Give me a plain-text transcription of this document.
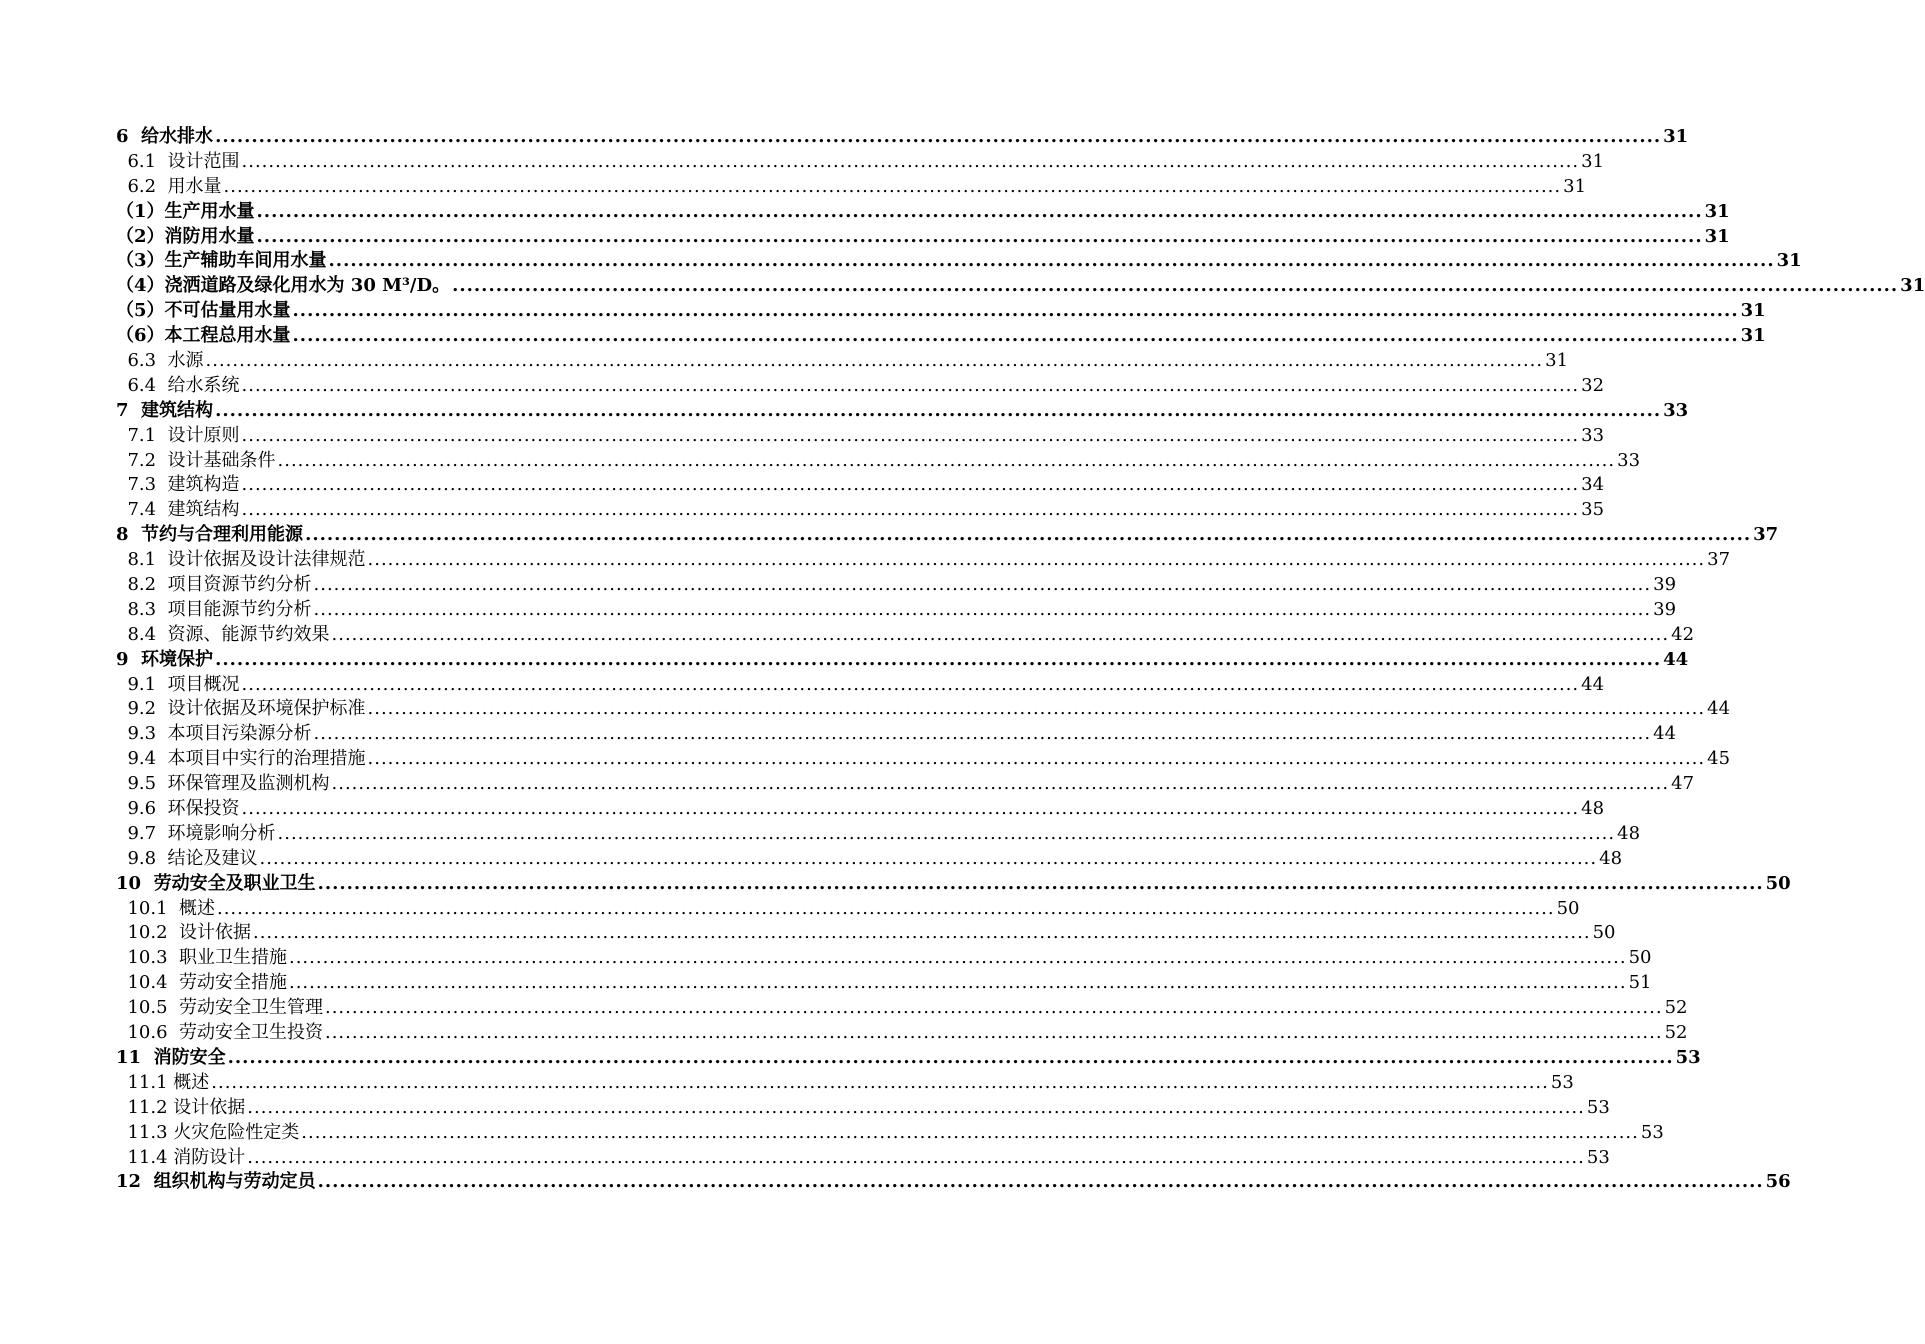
6  给水排水 ....................................................................................................................................................................................................... 31
6.1  设计范围 ....................................................................................................................................................................................................... 31
6.2  用水量 ....................................................................................................................................................................................................... 31
（1）生产用水量 ....................................................................................................................................................................................................... 31
（2）消防用水量 ....................................................................................................................................................................................................... 31
（3）生产辅助车间用水量 ....................................................................................................................................................................................................... 31
（4）浇洒道路及绿化用水为 30 M³/D。 ....................................................................................................................................................................................................... 31
（5）不可估量用水量 ....................................................................................................................................................................................................... 31
（6）本工程总用水量 ....................................................................................................................................................................................................... 31
6.3  水源 ....................................................................................................................................................................................................... 31
6.4  给水系统 ....................................................................................................................................................................................................... 32
7  建筑结构 ....................................................................................................................................................................................................... 33
7.1  设计原则 ....................................................................................................................................................................................................... 33
7.2  设计基础条件 ....................................................................................................................................................................................................... 33
7.3  建筑构造 ....................................................................................................................................................................................................... 34
7.4  建筑结构 ....................................................................................................................................................................................................... 35
8  节约与合理利用能源 ....................................................................................................................................................................................................... 37
8.1  设计依据及设计法律规范 ....................................................................................................................................................................................................... 37
8.2  项目资源节约分析 ....................................................................................................................................................................................................... 39
8.3  项目能源节约分析 ....................................................................................................................................................................................................... 39
8.4  资源、能源节约效果 ....................................................................................................................................................................................................... 42
9  环境保护 ....................................................................................................................................................................................................... 44
9.1  项目概况 ....................................................................................................................................................................................................... 44
9.2  设计依据及环境保护标准 ....................................................................................................................................................................................................... 44
9.3  本项目污染源分析 ....................................................................................................................................................................................................... 44
9.4  本项目中实行的治理措施 ....................................................................................................................................................................................................... 45
9.5  环保管理及监测机构 ....................................................................................................................................................................................................... 47
9.6  环保投资 ....................................................................................................................................................................................................... 48
9.7  环境影响分析 ....................................................................................................................................................................................................... 48
9.8  结论及建议 ....................................................................................................................................................................................................... 48
10  劳动安全及职业卫生 ....................................................................................................................................................................................................... 50
10.1  概述 ....................................................................................................................................................................................................... 50
10.2  设计依据 ....................................................................................................................................................................................................... 50
10.3  职业卫生措施 ....................................................................................................................................................................................................... 50
10.4  劳动安全措施 ....................................................................................................................................................................................................... 51
10.5  劳动安全卫生管理 ....................................................................................................................................................................................................... 52
10.6  劳动安全卫生投资 ....................................................................................................................................................................................................... 52
11  消防安全 ....................................................................................................................................................................................................... 53
11.1 概述 ....................................................................................................................................................................................................... 53
11.2 设计依据 ....................................................................................................................................................................................................... 53
11.3 火灾危险性定类 ....................................................................................................................................................................................................... 53
11.4 消防设计 ....................................................................................................................................................................................................... 53
12  组织机构与劳动定员 ....................................................................................................................................................................................................... 56
